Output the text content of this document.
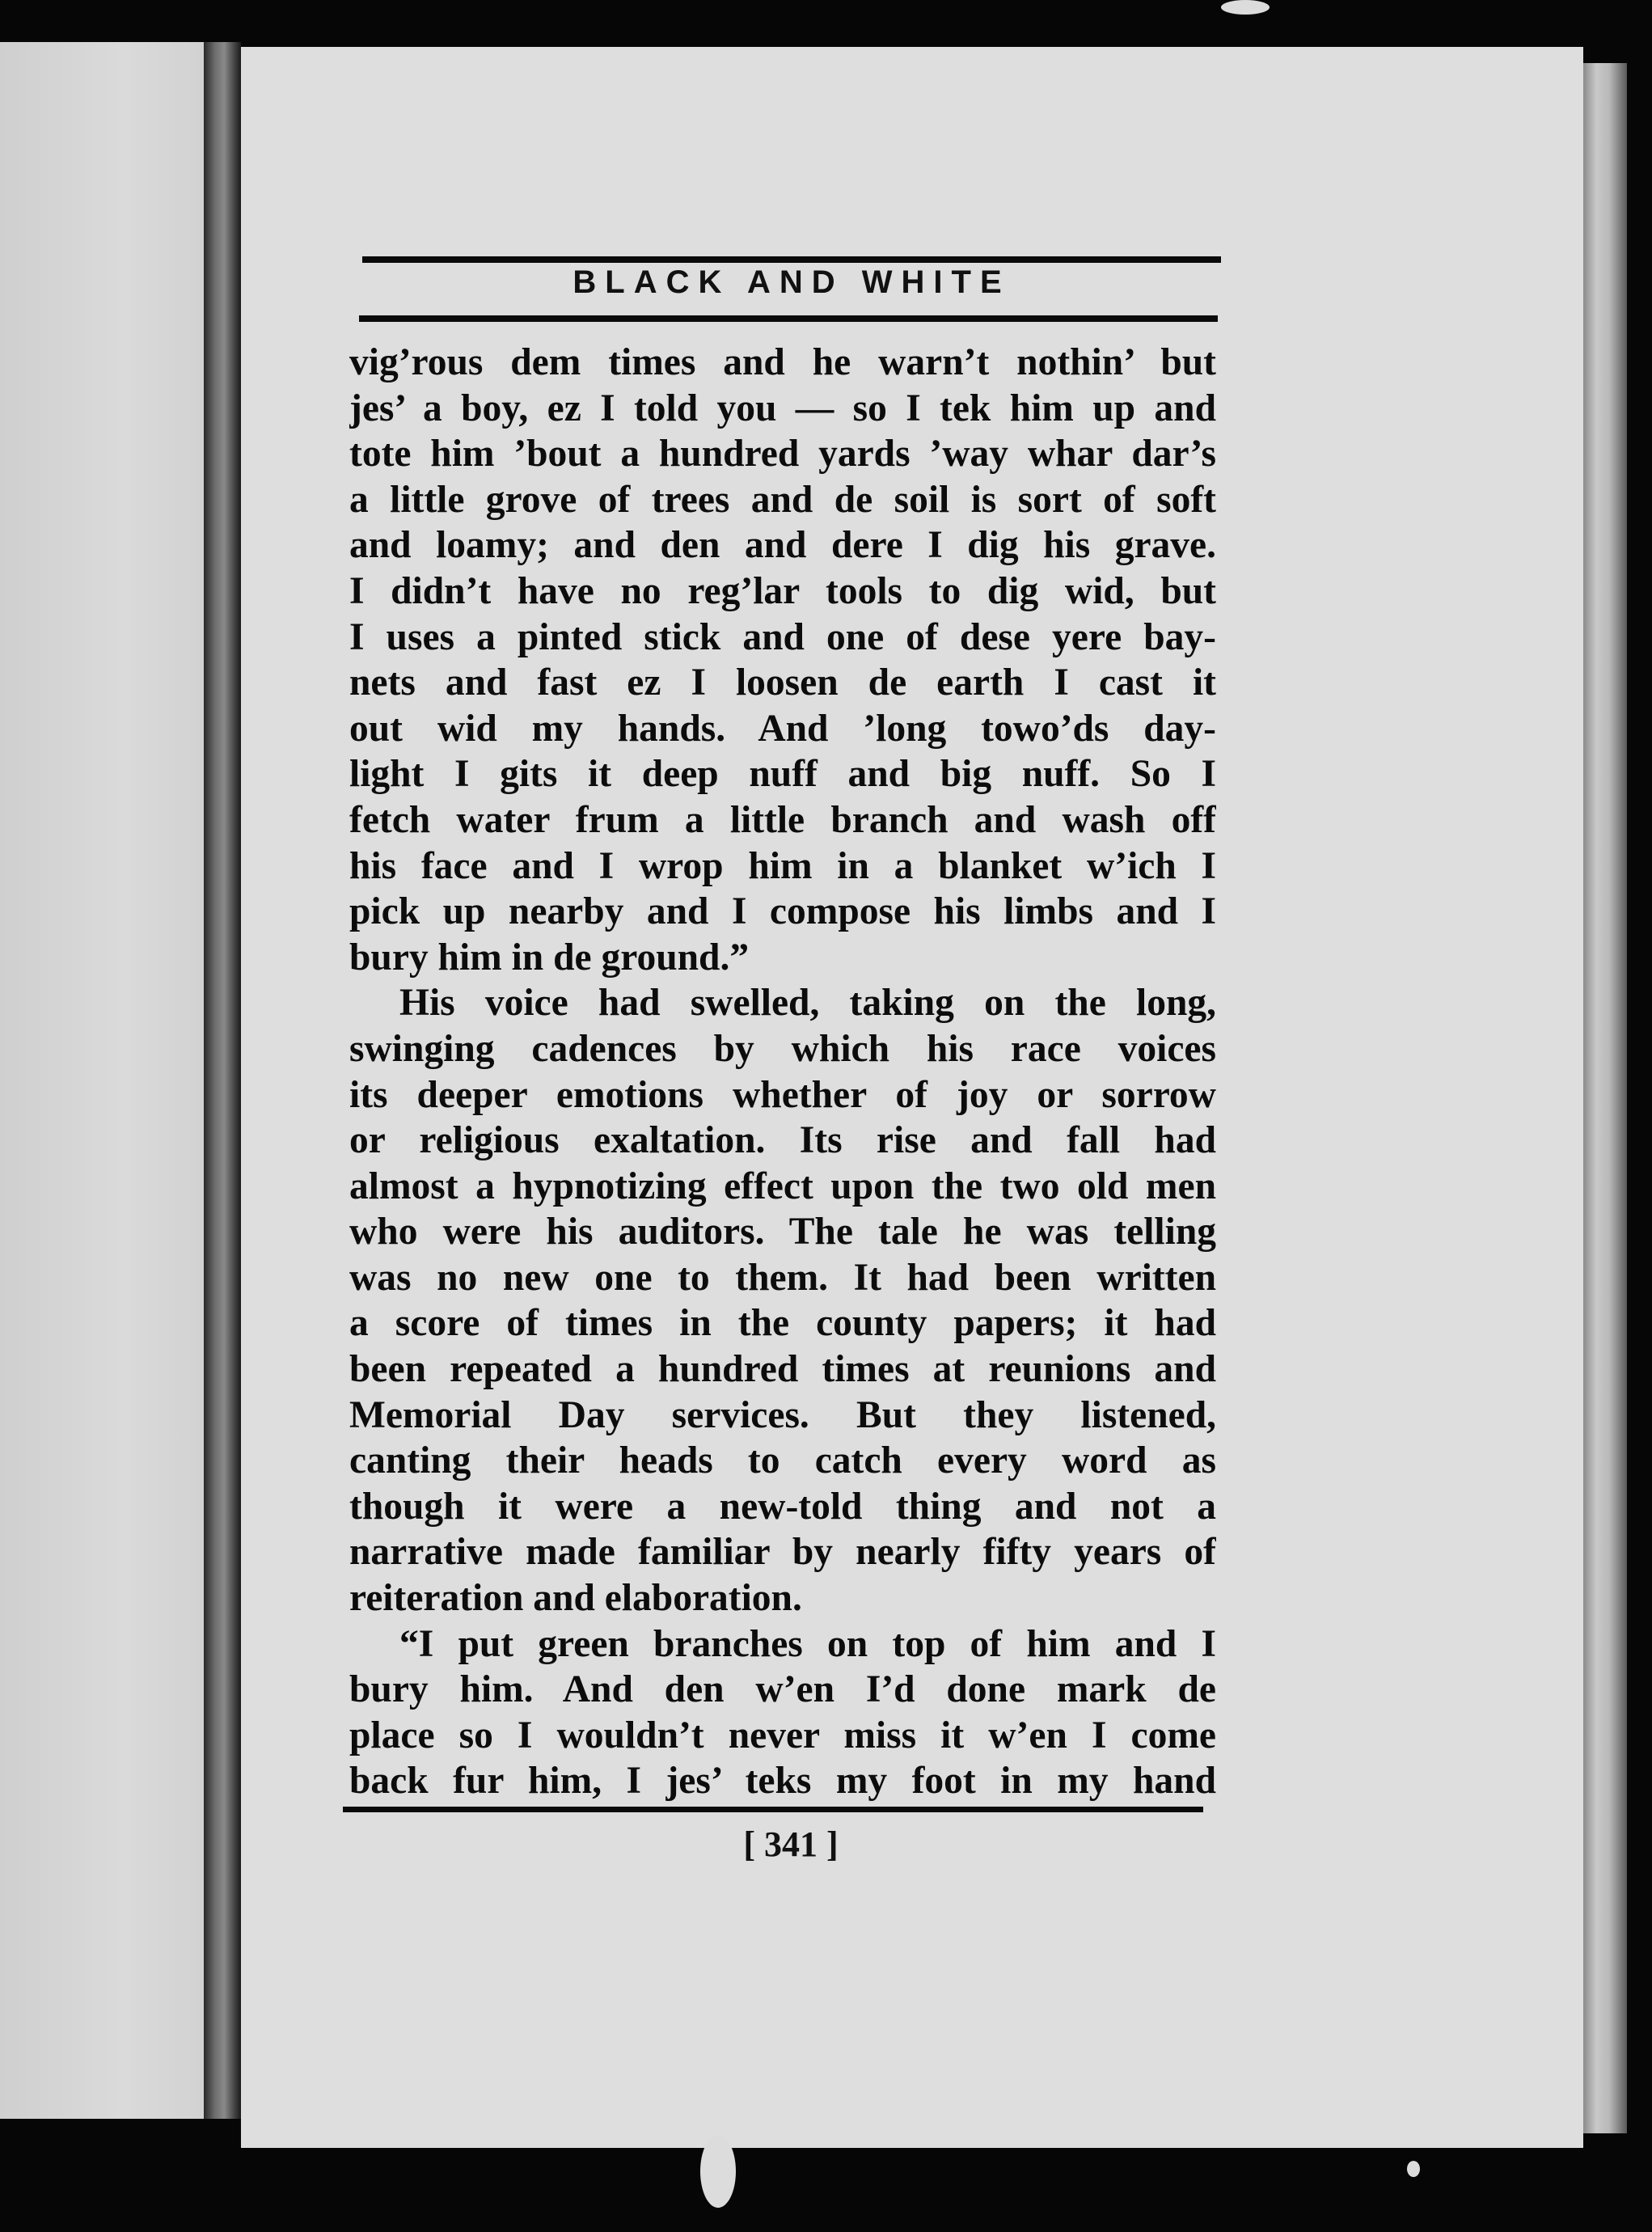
BLACK AND WHITE
vig’rous dem times and he warn’t nothin’ but
jes’ a boy, ez I told you — so I tek him up and
tote him ’bout a hundred yards ’way whar dar’s
a little grove of trees and de soil is sort of soft
and loamy; and den and dere I dig his grave.
I didn’t have no reg’lar tools to dig wid, but
I uses a pinted stick and one of dese yere bay-
nets and fast ez I loosen de earth I cast it
out wid my hands. And ’long towo’ds day-
light I gits it deep nuff and big nuff. So I
fetch water frum a little branch and wash off
his face and I wrop him in a blanket w’ich I
pick up nearby and I compose his limbs and I
bury him in de ground.”
His voice had swelled, taking on the long,
swinging cadences by which his race voices
its deeper emotions whether of joy or sorrow
or religious exaltation. Its rise and fall had
almost a hypnotizing effect upon the two old men
who were his auditors. The tale he was telling
was no new one to them. It had been written
a score of times in the county papers; it had
been repeated a hundred times at reunions and
Memorial Day services. But they listened,
canting their heads to catch every word as
though it were a new-told thing and not a
narrative made familiar by nearly fifty years of
reiteration and elaboration.
“I put green branches on top of him and I
bury him. And den w’en I’d done mark de
place so I wouldn’t never miss it w’en I come
back fur him, I jes’ teks my foot in my hand
[ 341 ]
